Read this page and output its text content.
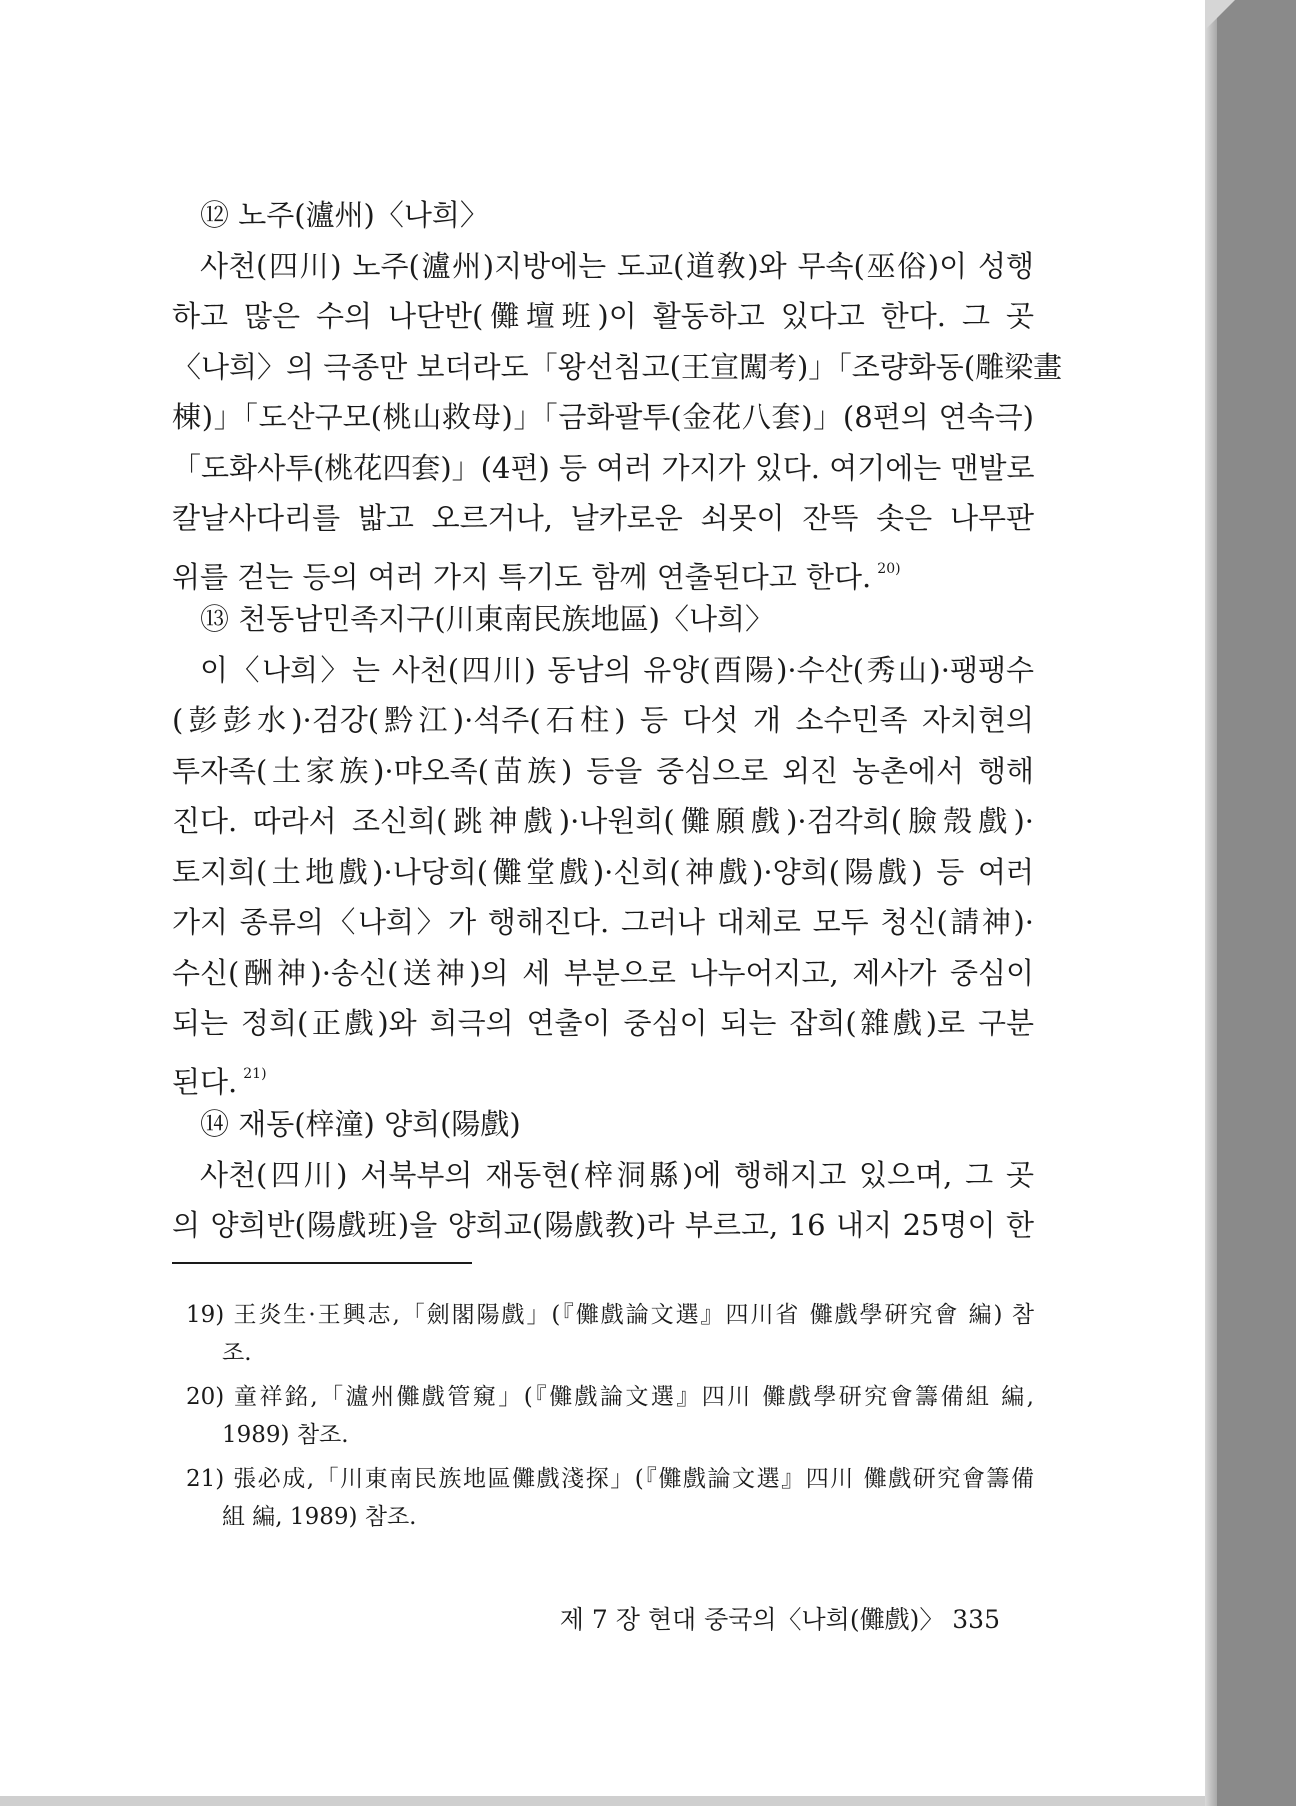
⑫ 노주(瀘州)〈나희〉
사천(四川) 노주(瀘州)지방에는 도교(道敎)와 무속(巫俗)이 성행
하고 많은 수의 나단반(儺壇班)이 활동하고 있다고 한다. 그 곳
〈나희〉의 극종만 보더라도「왕선침고(王宣闖考)」「조량화동(雕梁畫
棟)」「도산구모(桃山救母)」「금화팔투(金花八套)」(8편의 연속극)
「도화사투(桃花四套)」(4편) 등 여러 가지가 있다. 여기에는 맨발로
칼날사다리를 밟고 오르거나, 날카로운 쇠못이 잔뜩 솟은 나무판
위를 걷는 등의 여러 가지 특기도 함께 연출된다고 한다. $^{20)}$
⑬ 천동남민족지구(川東南民族地區)〈나희〉
이〈나희〉는 사천(四川) 동남의 유양(酉陽)·수산(秀山)·팽팽수
(彭彭水)·검강(黔江)·석주(石柱) 등 다섯 개 소수민족 자치현의
투자족(土家族)·먀오족(苗族) 등을 중심으로 외진 농촌에서 행해
진다. 따라서 조신희(跳神戲)·나원희(儺願戲)·검각희(臉殼戲)·
토지희(土地戲)·나당희(儺堂戲)·신희(神戲)·양희(陽戲) 등 여러
가지 종류의〈나희〉가 행해진다. 그러나 대체로 모두 청신(請神)·
수신(酬神)·송신(送神)의 세 부분으로 나누어지고, 제사가 중심이
되는 정희(正戲)와 희극의 연출이 중심이 되는 잡희(雜戲)로 구분
된다. $^{21)}$
⑭ 재동(梓潼) 양희(陽戲)
사천(四川) 서북부의 재동현(梓洞縣)에 행해지고 있으며, 그 곳
의 양희반(陽戲班)을 양희교(陽戲教)라 부르고, 16 내지 25명이 한
19) 王炎生·王興志,「劍閣陽戲」(『儺戲論文選』四川省 儺戲學硏究會 編) 참
조.
20) 童祥銘,「瀘州儺戲管窺」(『儺戲論文選』四川 儺戲學研究會籌備組 編,
1989) 참조.
21) 張必成,「川東南民族地區儺戲淺探」(『儺戲論文選』四川 儺戲研究會籌備
組 編, 1989) 참조.
제 7 장 현대 중국의〈나희(儺戲)〉 335
